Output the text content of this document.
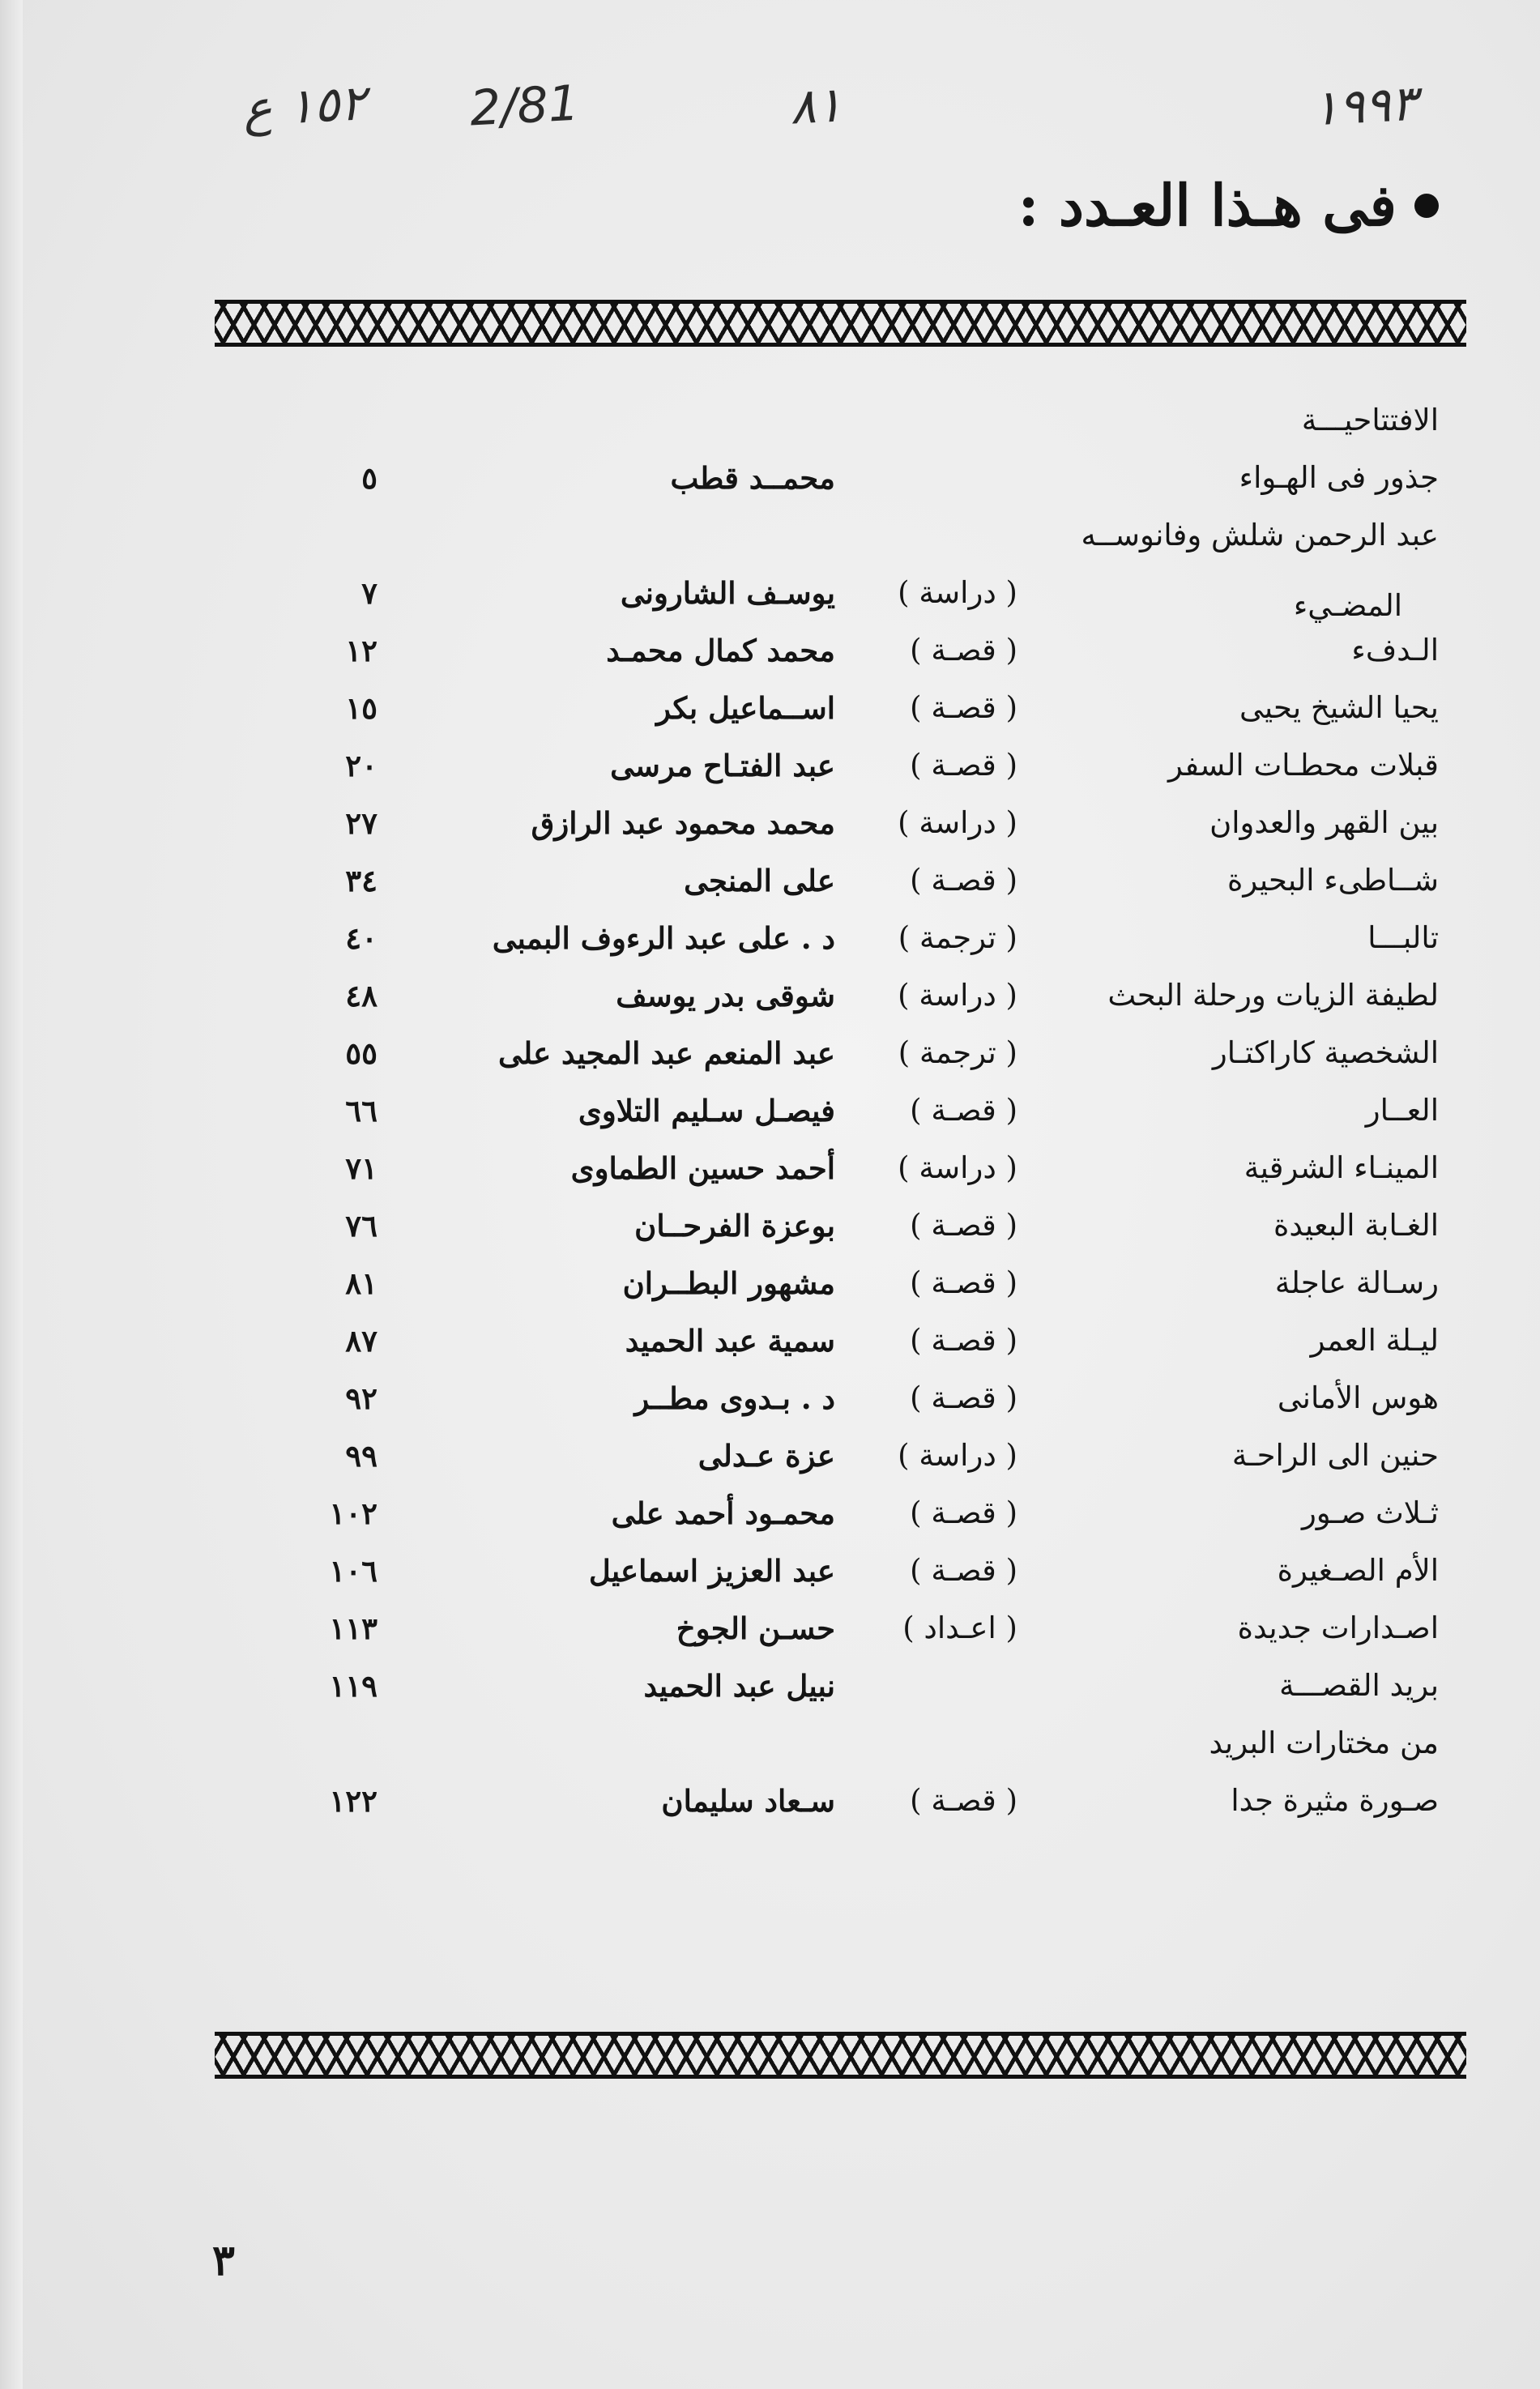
١٥٢ ع 2/81	٨١	١٩٩٣
فى هـذا العـدد :
الافتتاحيـــة
جذور فى الهـواء
محمــد قطب
٥
عبد الرحمن شلش وفانوســه
المضـيء
( دراسة )
يوسـف الشارونى
٧
الـدفء
( قصـة )
محمد كمال محمـد
١٢
يحيا الشيخ يحيى
( قصـة )
اســماعيل بكر
١٥
قبلات محطـات السفر
( قصـة )
عبد الفتـاح مرسى
٢٠
بين القهر والعدوان
( دراسة )
محمد محمود عبد الرازق
٢٧
شــاطىء البحيرة
( قصـة )
على المنجى
٣٤
تالبـــا
( ترجمة )
د . على عبد الرءوف البمبى
٤٠
لطيفة الزيات ورحلة البحث
( دراسة )
شوقى بدر يوسف
٤٨
الشخصية كاراكتـار
( ترجمة )
عبد المنعم عبد المجيد على
٥٥
العــار
( قصـة )
فيصـل سـليم التلاوى
٦٦
المينـاء الشرقية
( دراسة )
أحمد حسين الطماوى
٧١
الغـابة البعيدة
( قصـة )
بوعزة الفرحــان
٧٦
رسـالة عاجلة
( قصـة )
مشهور البطــران
٨١
ليـلة العمر
( قصـة )
سمية عبد الحميد
٨٧
هوس الأمانى
( قصـة )
د . بـدوى مطــر
٩٢
حنين الى الراحـة
( دراسة )
عزة عـدلى
٩٩
ثـلاث صـور
( قصـة )
محمـود أحمد على
١٠٢
الأم الصـغيرة
( قصـة )
عبد العزيز اسماعيل
١٠٦
اصـدارات جديدة
( اعـداد )
حسـن الجوخ
١١٣
بريد القصـــة
نبيل عبد الحميد
١١٩
من مختارات البريد
صـورة مثيرة جدا
( قصـة )
سـعاد سليمان
١٢٢
٣
